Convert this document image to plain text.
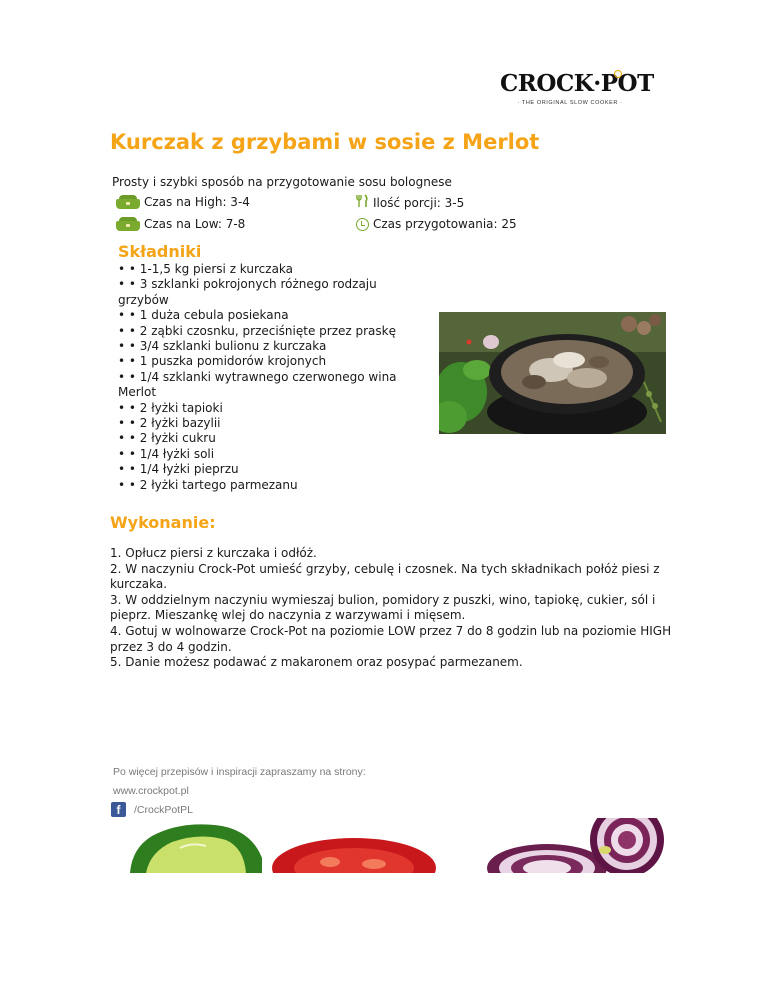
CROCK·POT
· THE ORIGINAL SLOW COOKER ·
Kurczak z grzybami w sosie z Merlot

Prosty i szybki sposób na przygotowanie sosu bolognese

Czas na High: 3-4
Czas na Low: 7-8
Ilość porcji: 3-5
Czas przygotowania: 25
Składniki
• • 1-1,5 kg piersi z kurczaka
• • 3 szklanki pokrojonych różnego rodzaju grzybów
• • 1 duża cebula posiekana
• • 2 ząbki czosnku, przeciśnięte przez praskę
• • 3/4 szklanki bulionu z kurczaka
• • 1 puszka pomidorów krojonych
• • 1/4 szklanki wytrawnego czerwonego wina Merlot
• • 2 łyżki tapioki
• • 2 łyżki bazylii
• • 2 łyżki cukru
• • 1/4 łyżki soli
• • 1/4 łyżki pieprzu
• • 2 łyżki tartego parmezanu
Wykonanie:
1. Opłucz piersi z kurczaka i odłóż.
2. W naczyniu Crock-Pot umieść grzyby, cebulę i czosnek. Na tych składnikach połóż piesi z kurczaka.
3. W oddzielnym naczyniu wymieszaj bulion, pomidory z puszki, wino, tapiokę, cukier, sól i pieprz. Mieszankę wlej do naczynia z warzywami i mięsem.
4. Gotuj w wolnowarze Crock-Pot na poziomie LOW przez 7 do 8 godzin lub na poziomie HIGH przez 3 do 4 godzin.
5. Danie możesz podawać z makaronem oraz posypać parmezanem.
Po więcej przepisów i inspiracji zapraszamy na strony:
www.crockpot.pl
f	/CrockPotPL
